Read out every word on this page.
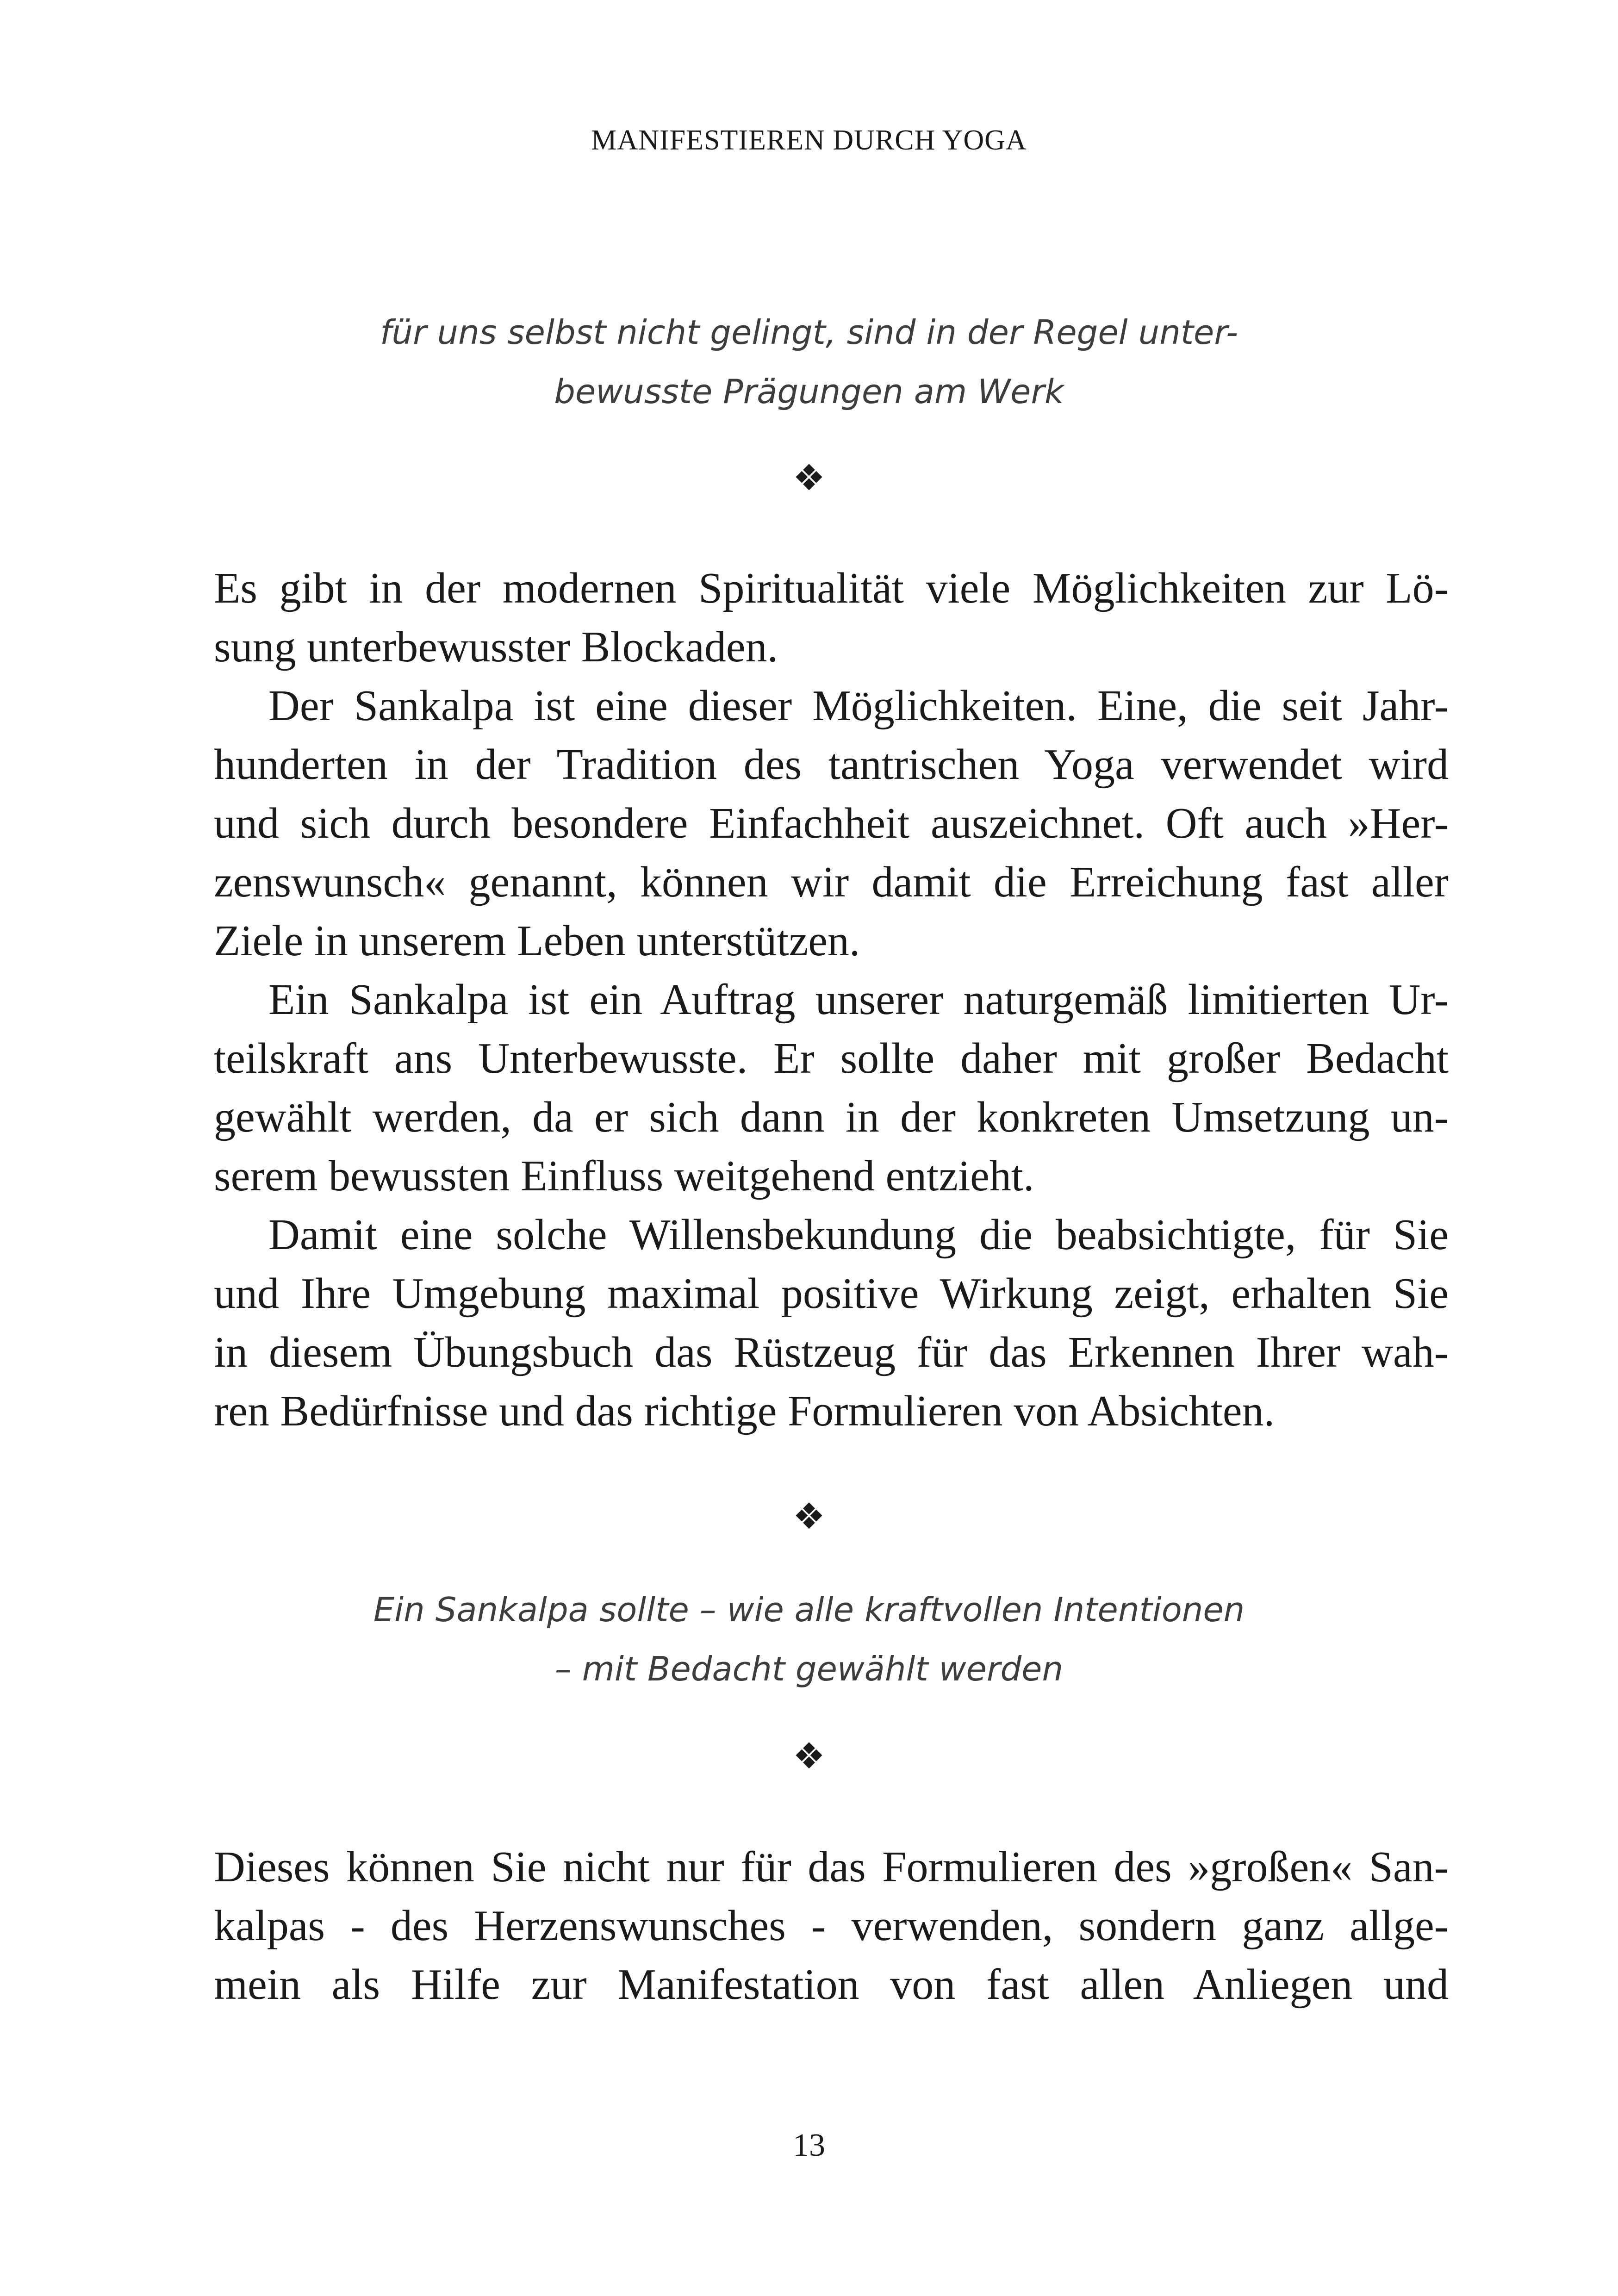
MANIFESTIEREN DURCH YOGA
für uns selbst nicht gelingt, sind in der Regel unter-
bewusste Prägungen am Werk
❖
Es gibt in der modernen Spiritualität viele Möglichkeiten zur Lö-
sung unterbewusster Blockaden.
Der Sankalpa ist eine dieser Möglichkeiten. Eine, die seit Jahr-
hunderten in der Tradition des tantrischen Yoga verwendet wird
und sich durch besondere Einfachheit auszeichnet. Oft auch »Her-
zenswunsch« genannt, können wir damit die Erreichung fast aller
Ziele in unserem Leben unterstützen.
Ein Sankalpa ist ein Auftrag unserer naturgemäß limitierten Ur-
teilskraft ans Unterbewusste. Er sollte daher mit großer Bedacht
gewählt werden, da er sich dann in der konkreten Umsetzung un-
serem bewussten Einfluss weitgehend entzieht.
Damit eine solche Willensbekundung die beabsichtigte, für Sie
und Ihre Umgebung maximal positive Wirkung zeigt, erhalten Sie
in diesem Übungsbuch das Rüstzeug für das Erkennen Ihrer wah-
ren Bedürfnisse und das richtige Formulieren von Absichten.
❖
Ein Sankalpa sollte – wie alle kraftvollen Intentionen
– mit Bedacht gewählt werden
❖
Dieses können Sie nicht nur für das Formulieren des »großen« San-
kalpas - des Herzenswunsches - verwenden, sondern ganz allge-
mein als Hilfe zur Manifestation von fast allen Anliegen und
13
